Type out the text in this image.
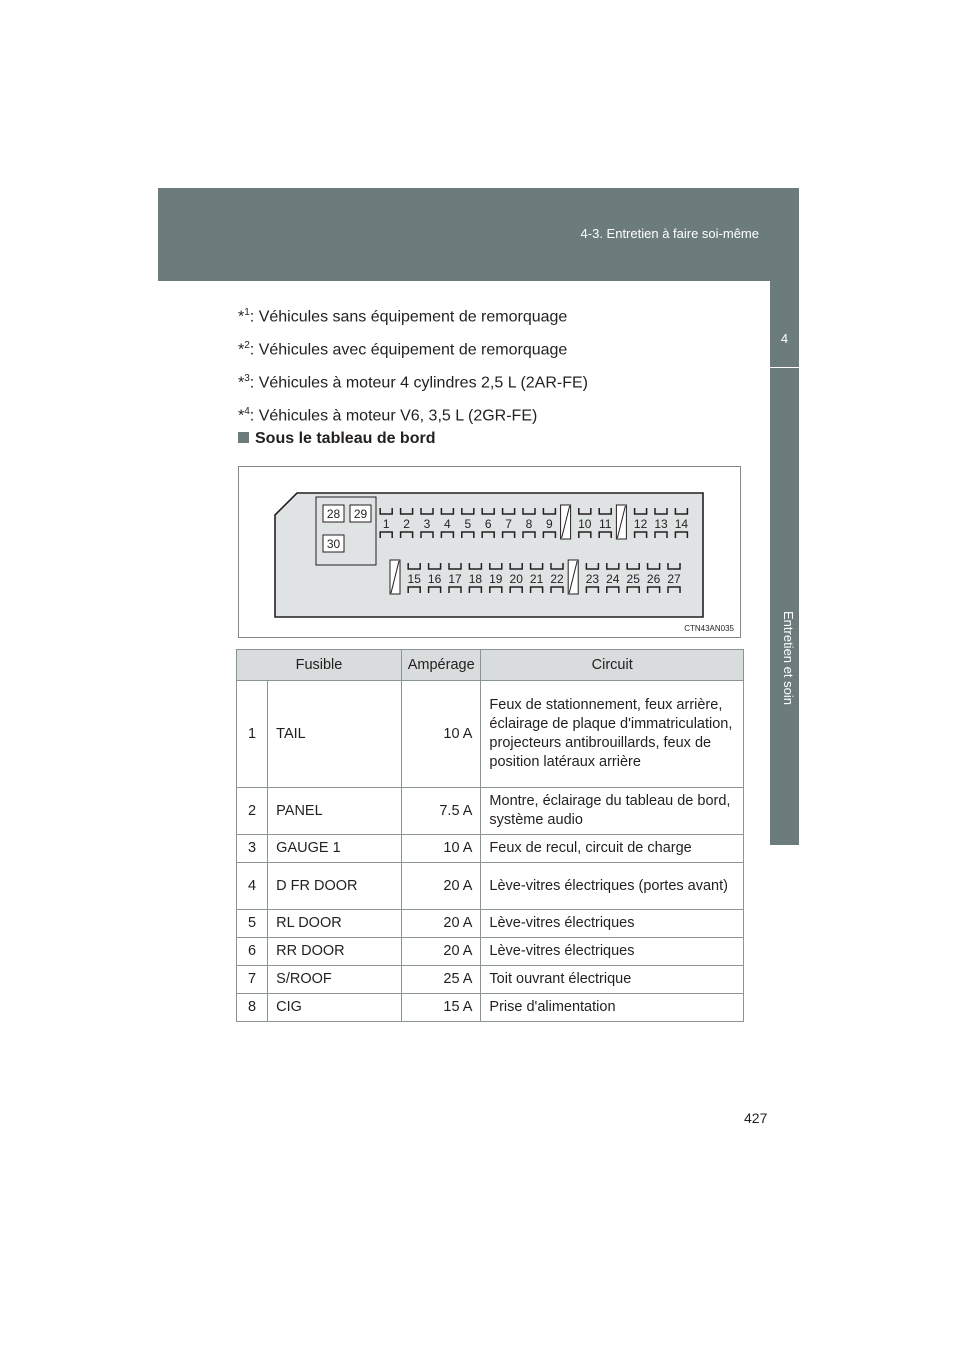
4-3. Entretien à faire soi-même
4
Entretien et soin
*$^1$: Véhicules sans équipement de remorquage
*$^2$: Véhicules avec équipement de remorquage
*$^3$: Véhicules à moteur 4 cylindres 2,5 L (2AR-FE)
*$^4$: Véhicules à moteur V6, 3,5 L (2GR-FE)
Sous le tableau de bord
28 29
30
1 2 3 4 5 6 7 8 9 10 11 12 13 14
15 16 17 18 19 20 21 22 23 24 25 26 27
CTN43AN035
Fusible		Ampérage	Circuit
1	TAIL	10 A	Feux de stationnement, feux arrière, éclairage de plaque d'immatriculation, projecteurs antibrouillards, feux de position latéraux arrière
2	PANEL	7.5 A	Montre, éclairage du tableau de bord, système audio
3	GAUGE 1	10 A	Feux de recul, circuit de charge
4	D FR DOOR	20 A	Lève-vitres électriques (portes avant)
5	RL DOOR	20 A	Lève-vitres électriques
6	RR DOOR	20 A	Lève-vitres électriques
7	S/ROOF	25 A	Toit ouvrant électrique
8	CIG	15 A	Prise d'alimentation
427
